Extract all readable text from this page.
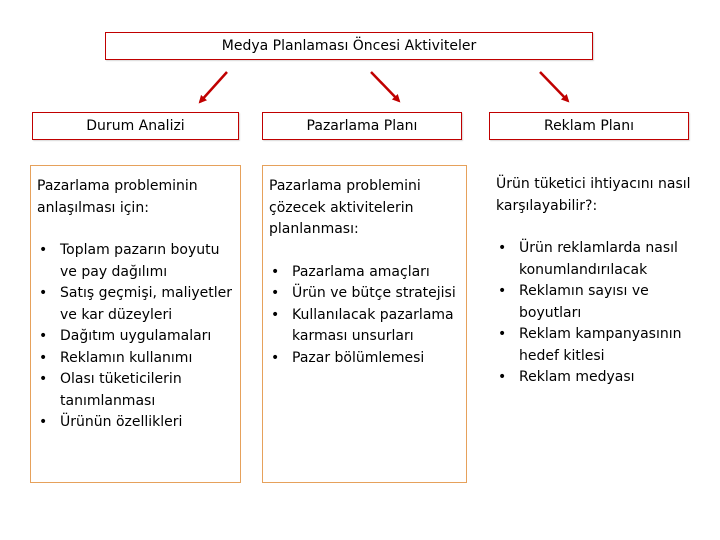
Medya Planlaması Öncesi Aktiviteler
Durum Analizi	Pazarlama Planı	Reklam Planı

Pazarlama probleminin anlaşılması için:

• Toplam pazarın boyutu ve pay dağılımı
• Satış geçmişi, maliyetler ve kar düzeyleri
• Dağıtım uygulamaları
• Reklamın kullanımı
• Olası tüketicilerin tanımlanması
• Ürünün özellikleri

Pazarlama problemini çözecek aktivitelerin planlanması:

• Pazarlama amaçları
• Ürün ve bütçe stratejisi
• Kullanılacak pazarlama karması unsurları
• Pazar bölümlemesi

Ürün tüketici ihtiyacını nasıl karşılayabilir?:

• Ürün reklamlarda nasıl konumlandırılacak
• Reklamın sayısı ve boyutları
• Reklam kampanyasının hedef kitlesi
• Reklam medyası
